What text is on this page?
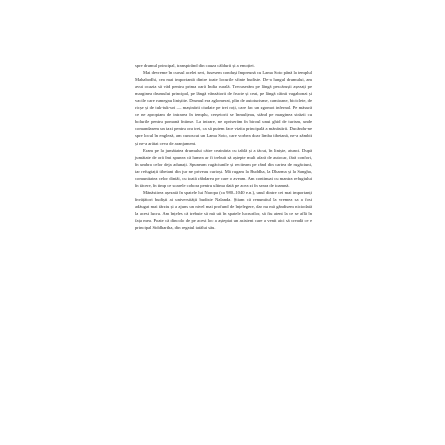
spre drumul principal, transpirând din cauza căldurii și a emoției.

Mai devreme în cursul acelei seri, fusesem conduși împreună cu Lama Soto până la templul Mahabodhi, cea mai importantă dintre toate locurile sfinte budiste. De-a lungul drumului, am avut ocazia să văd pentru prima oară India rurală. Trecuserăm pe lângă pescărușii așezați pe marginea drumului principal, pe lângă vânzătorii de fructe și ceai, pe lângă câinii vagabonzi și vacile care rumegau liniștite. Drumul era aglomerat, plin de autoturisme, camioane, biciclete, de ricșe și de tuk-tuk-uri — mașinării ciudate pe trei roți, care fac un zgomot infernal. Pe măsură ce ne apropiam de intrarea în templu, cerșetorii se înmulțeau, stând pe marginea străzii cu bolurile pentru pomană întinse. La intrare, ne opriserăm în biroul unui ghid de turism, unde comandasem un taxi pentru ora trei, ca să putem face vizita principală a mănăstirii. Ducându-ne spre locul în engleză, am cunoscut un Lama Soto, care vorbea doar limba tibetană, ne-a zâmbit și ne-a arătat ceva de aranjament.

Eram pe la jumătatea drumului către ceainăria cu tablă și a tăcut, în liniște, atunci. După jumătate de oră îmi spunea că lumea ar fi trebuit să aștepte mult afară de autocar, fără confort, în umbra celor deja adunați. Spuneam rugăciunile și reciteam pe rând din cartea de rugăciuni, iar refugiații tibetani din jur ne priveau curioși. Mă rugam la Buddha, la Dharma și la Sangha, comunitatea celor dintâi, cu toată răbdarea pe care o aveam. Am continuat cu mantra refugiului în tăcere, în timp ce soarele cobora pentru ultima dată pe acea zi în seara de toamnă.

Mănăstirea așezată în spatele lui Naropa (ca 980–1040 e.n.), unul dintre cei mai importanți învățători budiști ai universității budiste Nalanda. Știam că renumitul la vremea sa a fost adăugat mai târziu și a ajuns un nivel mai profund de înțelegere, dar nu mă gândisem niciodată la acest lucru. Am înțeles că trebuie să mă uit în spatele lucrurilor, să fiu atent la ce se află în fața mea. Poate că dincolo de pe acest loc a așteptat un asistent care a venit aici să creadă ce e principal Siddhartha, din regatul tatălui său.
